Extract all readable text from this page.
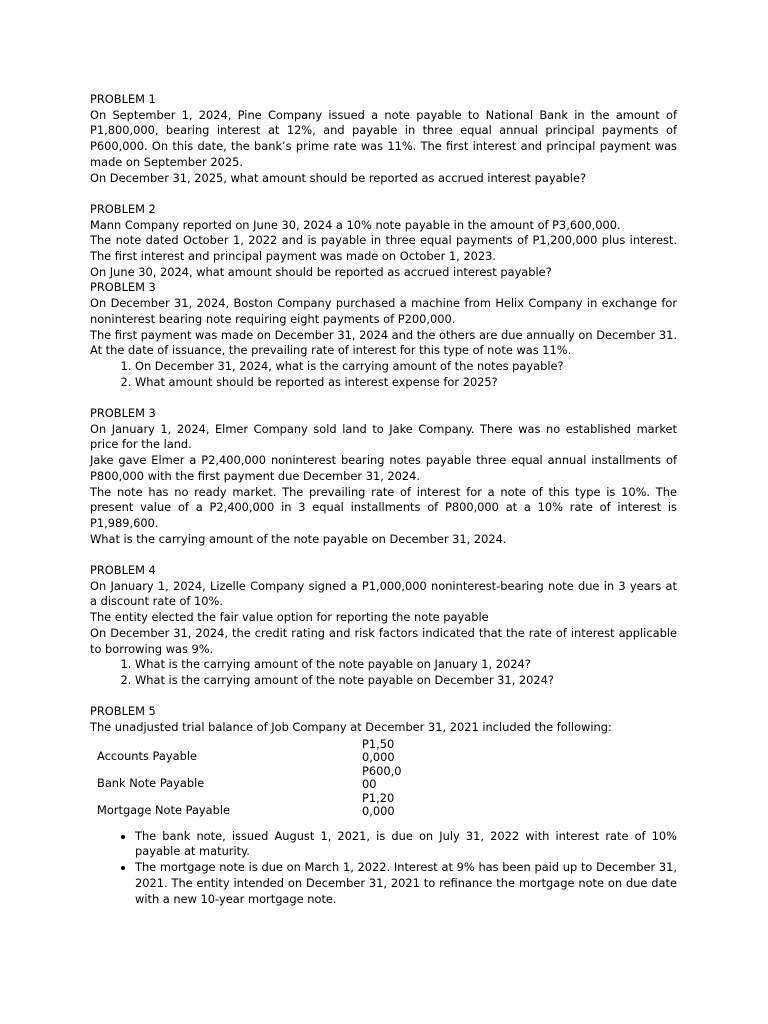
PROBLEM 1

On September 1, 2024, Pine Company issued a note payable to National Bank in the amount of P1,800,000, bearing interest at 12%, and payable in three equal annual principal payments of P600,000. On this date, the bank’s prime rate was 11%. The first interest and principal payment was made on September 2025.

On December 31, 2025, what amount should be reported as accrued interest payable?

PROBLEM 2

Mann Company reported on June 30, 2024 a 10% note payable in the amount of P3,600,000.

The note dated October 1, 2022 and is payable in three equal payments of P1,200,000 plus interest. The first interest and principal payment was made on October 1, 2023.

On June 30, 2024, what amount should be reported as accrued interest payable?

PROBLEM 3

On December 31, 2024, Boston Company purchased a machine from Helix Company in exchange for noninterest bearing note requiring eight payments of P200,000.

The first payment was made on December 31, 2024 and the others are due annually on December 31. At the date of issuance, the prevailing rate of interest for this type of note was 11%.

1. On December 31, 2024, what is the carrying amount of the notes payable?
2. What amount should be reported as interest expense for 2025?

PROBLEM 3

On January 1, 2024, Elmer Company sold land to Jake Company. There was no established market price for the land.

Jake gave Elmer a P2,400,000 noninterest bearing notes payable three equal annual installments of P800,000 with the first payment due December 31, 2024.

The note has no ready market. The prevailing rate of interest for a note of this type is 10%. The present value of a P2,400,000 in 3 equal installments of P800,000 at a 10% rate of interest is P1,989,600.

What is the carrying amount of the note payable on December 31, 2024.

PROBLEM 4

On January 1, 2024, Lizelle Company signed a P1,000,000 noninterest-bearing note due in 3 years at a discount rate of 10%.

The entity elected the fair value option for reporting the note payable

On December 31, 2024, the credit rating and risk factors indicated that the rate of interest applicable to borrowing was 9%.

1. What is the carrying amount of the note payable on January 1, 2024?
2. What is the carrying amount of the note payable on December 31, 2024?

PROBLEM 5

The unadjusted trial balance of Job Company at December 31, 2021 included the following:

Accounts Payable	P1,500,000
Bank Note Payable	P600,000
Mortgage Note Payable	P1,200,000
• The bank note, issued August 1, 2021, is due on July 31, 2022 with interest rate of 10% payable at maturity.
• The mortgage note is due on March 1, 2022. Interest at 9% has been paid up to December 31, 2021. The entity intended on December 31, 2021 to refinance the mortgage note on due date with a new 10-year mortgage note.
